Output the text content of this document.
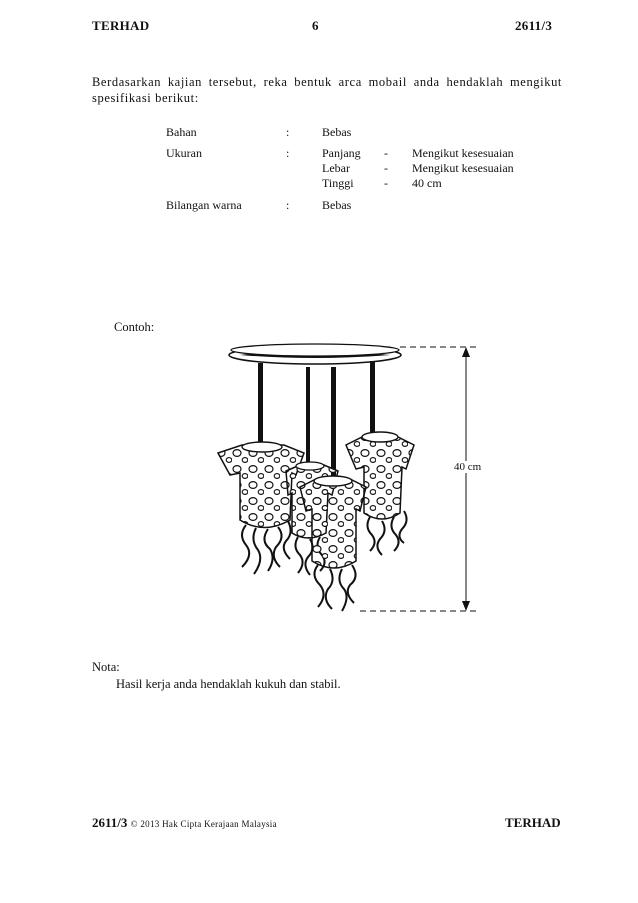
TERHAD	6	2611/3
Berdasarkan kajian tersebut, reka bentuk arca mobail anda hendaklah mengikut spesifikasi berikut:
Bahan	:	Bebas
Ukuran	:	Panjang - Mengikut kesesuaian
Lebar	- Mengikut kesesuaian
Tinggi	- 40 cm
Bilangan warna	:	Bebas
Contoh:
40 cm
Nota:
Hasil kerja anda hendaklah kukuh dan stabil.
2611/3 © 2013 Hak Cipta Kerajaan Malaysia	TERHAD
